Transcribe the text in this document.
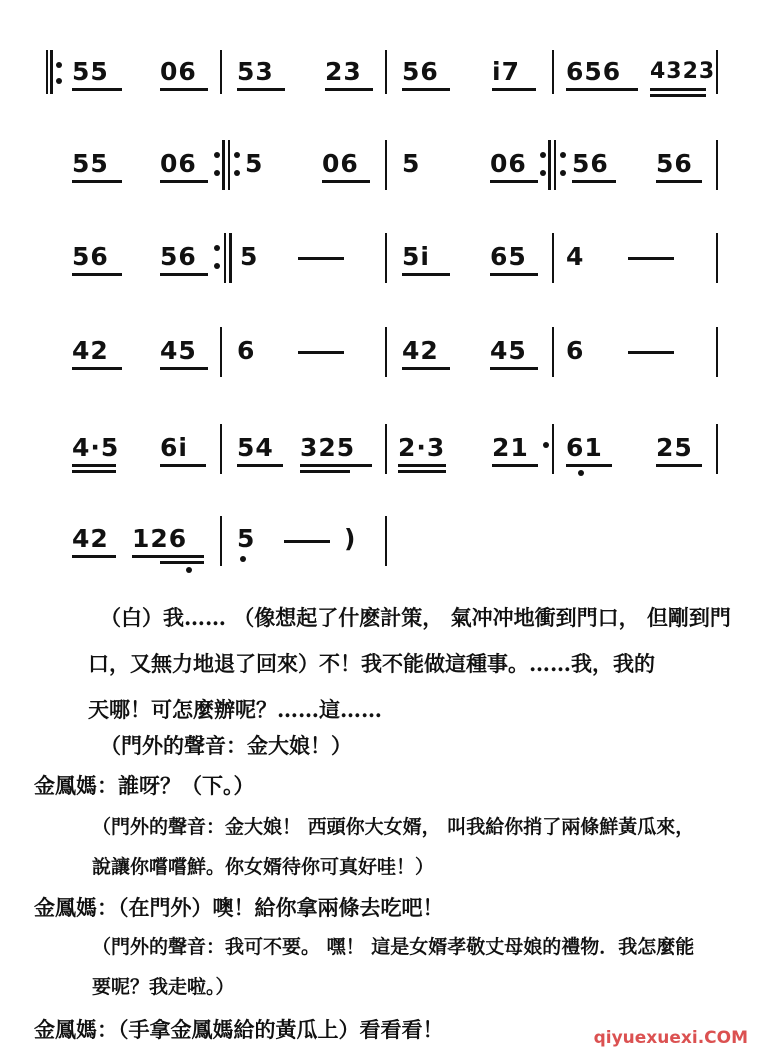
55 06 53 23 56 i7 656 4323
55 06 5 06 5	06 56 56
56 56 5	5i 65 4
42 45 6	42 45 6
4·5 6i 54 325 2·3 21 61 25
42 126 5	)
（白）我…… （像想起了什麽計策， 氣冲冲地衝到門口， 但剛到門
口，又無力地退了回來）不！我不能做這種事。……我，我的
天哪！可怎麼辦呢？……這……
（門外的聲音：金大娘！）
金鳳媽：誰呀？（下。）
（門外的聲音：金大娘！ 西頭你大女婿， 叫我給你捎了兩條鮮黃瓜來，
說讓你嚐嚐鮮。你女婿待你可真好哇！）
金鳳媽：（在門外）噢！給你拿兩條去吃吧！
（門外的聲音：我可不要。 嘿！ 這是女婿孝敬丈母娘的禮物．我怎麼能
要呢？我走啦。）
金鳳媽：（手拿金鳳媽給的黃瓜上）看看看！	qiyuexuexi.COM
